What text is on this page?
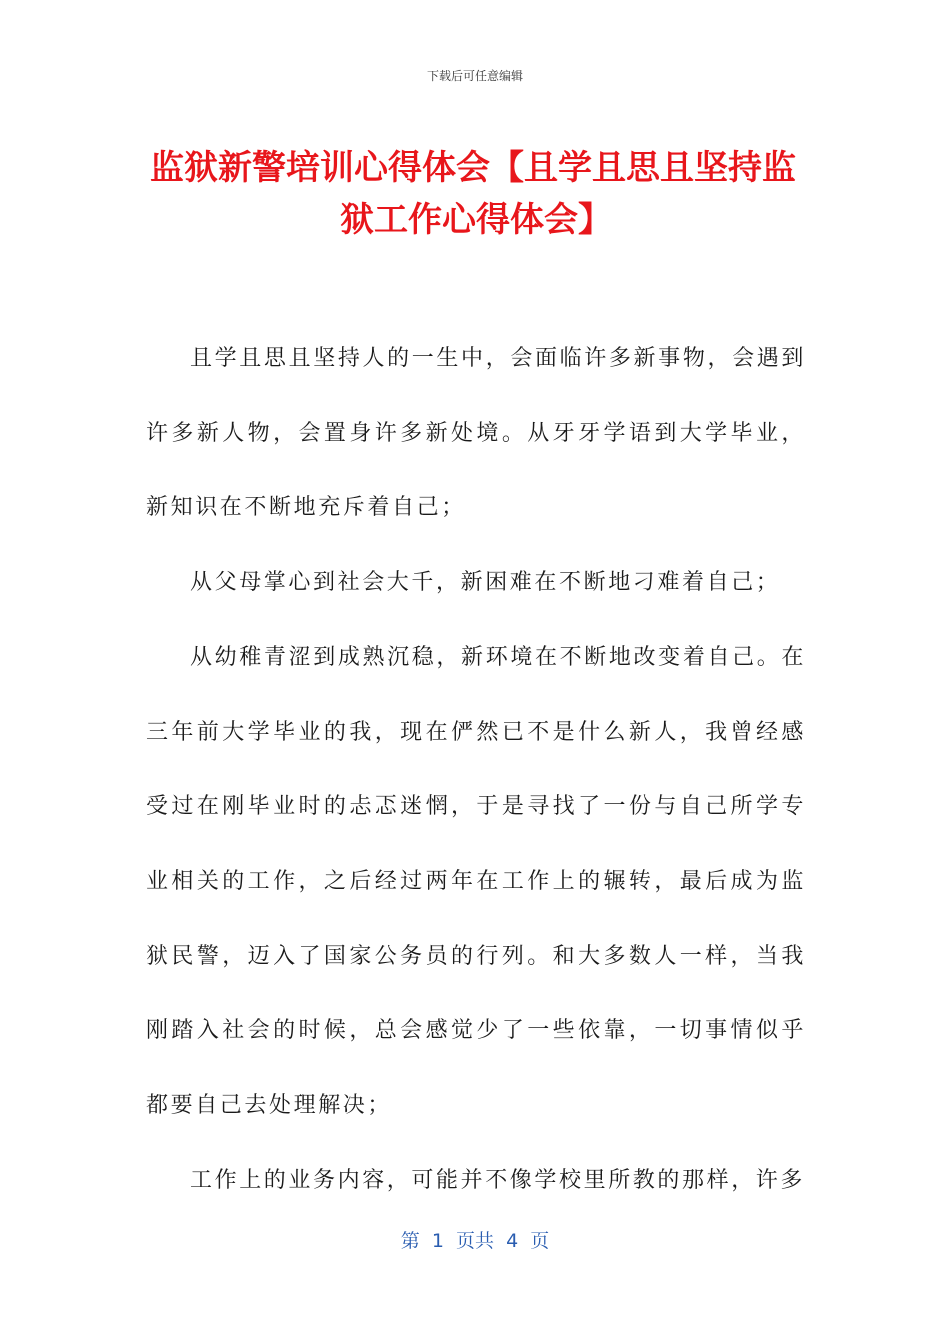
下载后可任意编辑
监狱新警培训心得体会【且学且思且坚持监
狱工作心得体会】

且学且思且坚持人的一生中，会面临许多新事物，会遇到许多新人物，会置身许多新处境。从牙牙学语到大学毕业，新知识在不断地充斥着自己；

从父母掌心到社会大千，新困难在不断地刁难着自己；

从幼稚青涩到成熟沉稳，新环境在不断地改变着自己。在三年前大学毕业的我，现在俨然已不是什么新人，我曾经感受过在刚毕业时的忐忑迷惘，于是寻找了一份与自己所学专业相关的工作，之后经过两年在工作上的辗转，最后成为监狱民警，迈入了国家公务员的行列。和大多数人一样，当我刚踏入社会的时候，总会感觉少了一些依靠，一切事情似乎都要自己去处理解决；

工作上的业务内容，可能并不像学校里所教的那样，许多

第  1  页共  4  页
